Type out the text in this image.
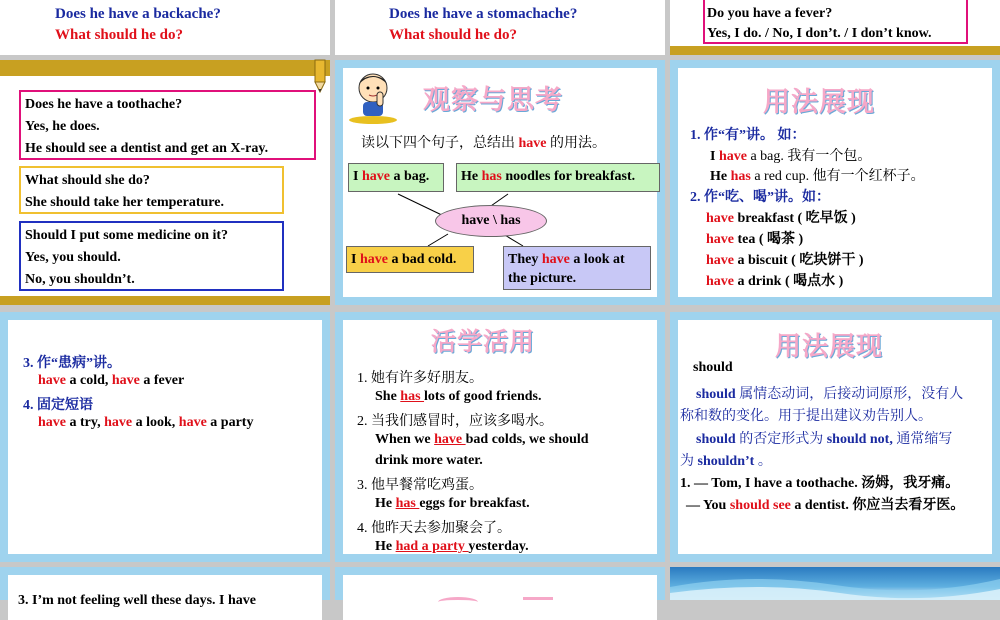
Does he have a backache?
What should he do?
Does he have a stomachache?
What should he do?
Do you have a fever?
Yes, I do. / No, I don’t. / I don’t know.
Does he have a toothache?
Yes, he does.
He should see a dentist and get an X-ray.
What should she do?
She should take her temperature.
Should I put some medicine on it?
Yes, you should.
No, you shouldn’t.
观察与思考
读以下四个句子，总结出 have 的用法。
I have a bag.	He has noodles for breakfast.
have \ has
I have a bad cold.	They have a look at the picture.
用法展现
1. 作“有”讲。 如：
I have a bag. 我有一个包。
He has a red cup. 他有一个红杯子。
2. 作“吃、喝”讲。如：
have breakfast ( 吃早饭 )
have tea ( 喝茶 )
have a biscuit ( 吃块饼干 )
have a drink ( 喝点水 )
3. 作“患病”讲。
have a cold, have a fever
4. 固定短语
have a try, have a look, have a party
活学活用
1. 她有许多好朋友。
She has lots of good friends.
2. 当我们感冒时，应该多喝水。
When we have bad colds, we should
drink more water.
3. 他早餐常吃鸡蛋。
He has eggs for breakfast.
4. 他昨天去参加聚会了。
He had a party yesterday.
用法展现
should
should 属情态动词，后接动词原形，没有人
称和数的变化。用于提出建议劝告别人。
should 的否定形式为 should not, 通常缩写
为 shouldn’t 。
1. — Tom, I have a toothache. 汤姆，我牙痛。
— You should see a dentist. 你应当去看牙医。
3. I’m not feeling well these days. I have
